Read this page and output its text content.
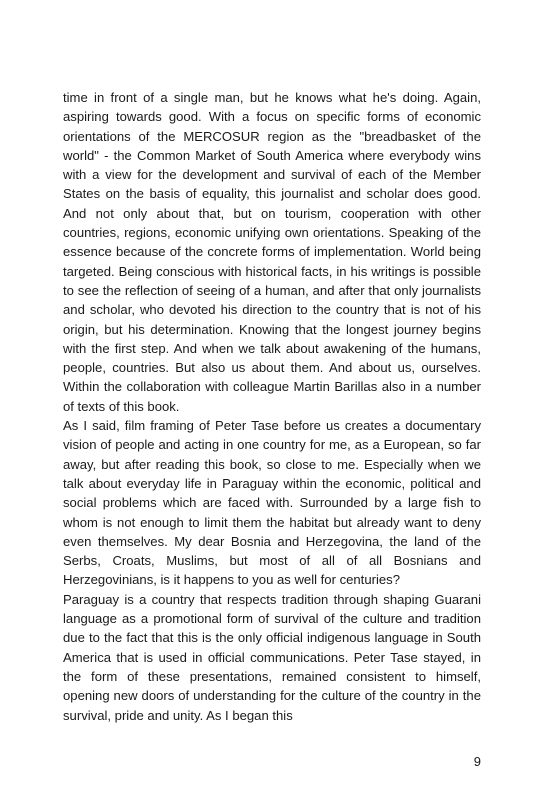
time in front of a single man, but he knows what he's doing. Again, aspiring towards good. With a focus on specific forms of economic orientations of the MERCOSUR region as the "breadbasket of the world" - the Common Market of South America where everybody wins with a view for the development and survival of each of the Member States on the basis of equality, this journalist and scholar does good. And not only about that, but on tourism, cooperation with other countries, regions, economic unifying own orientations. Speaking of the essence because of the concrete forms of implementation. World being targeted. Being conscious with historical facts, in his writings is possible to see the reflection of seeing of a human, and after that only journalists and scholar, who devoted his direction to the country that is not of his origin, but his determination. Knowing that the longest journey begins with the first step. And when we talk about awakening of the humans, people, countries. But also us about them. And about us, ourselves. Within the collaboration with colleague Martin Barillas also in a number of texts of this book.

As I said, film framing of Peter Tase before us creates a documentary vision of people and acting in one country for me, as a European, so far away, but after reading this book, so close to me. Especially when we talk about everyday life in Paraguay within the economic, political and social problems which are faced with. Surrounded by a large fish to whom is not enough to limit them the habitat but already want to deny even themselves. My dear Bosnia and Herzegovina, the land of the Serbs, Croats, Muslims, but most of all of all Bosnians and Herzegovinians, is it happens to you as well for centuries?

Paraguay is a country that respects tradition through shaping Guarani language as a promotional form of survival of the culture and tradition due to the fact that this is the only official indigenous language in South America that is used in official communications. Peter Tase stayed, in the form of these presentations, remained consistent to himself, opening new doors of understanding for the culture of the country in the survival, pride and unity. As I began this

9
